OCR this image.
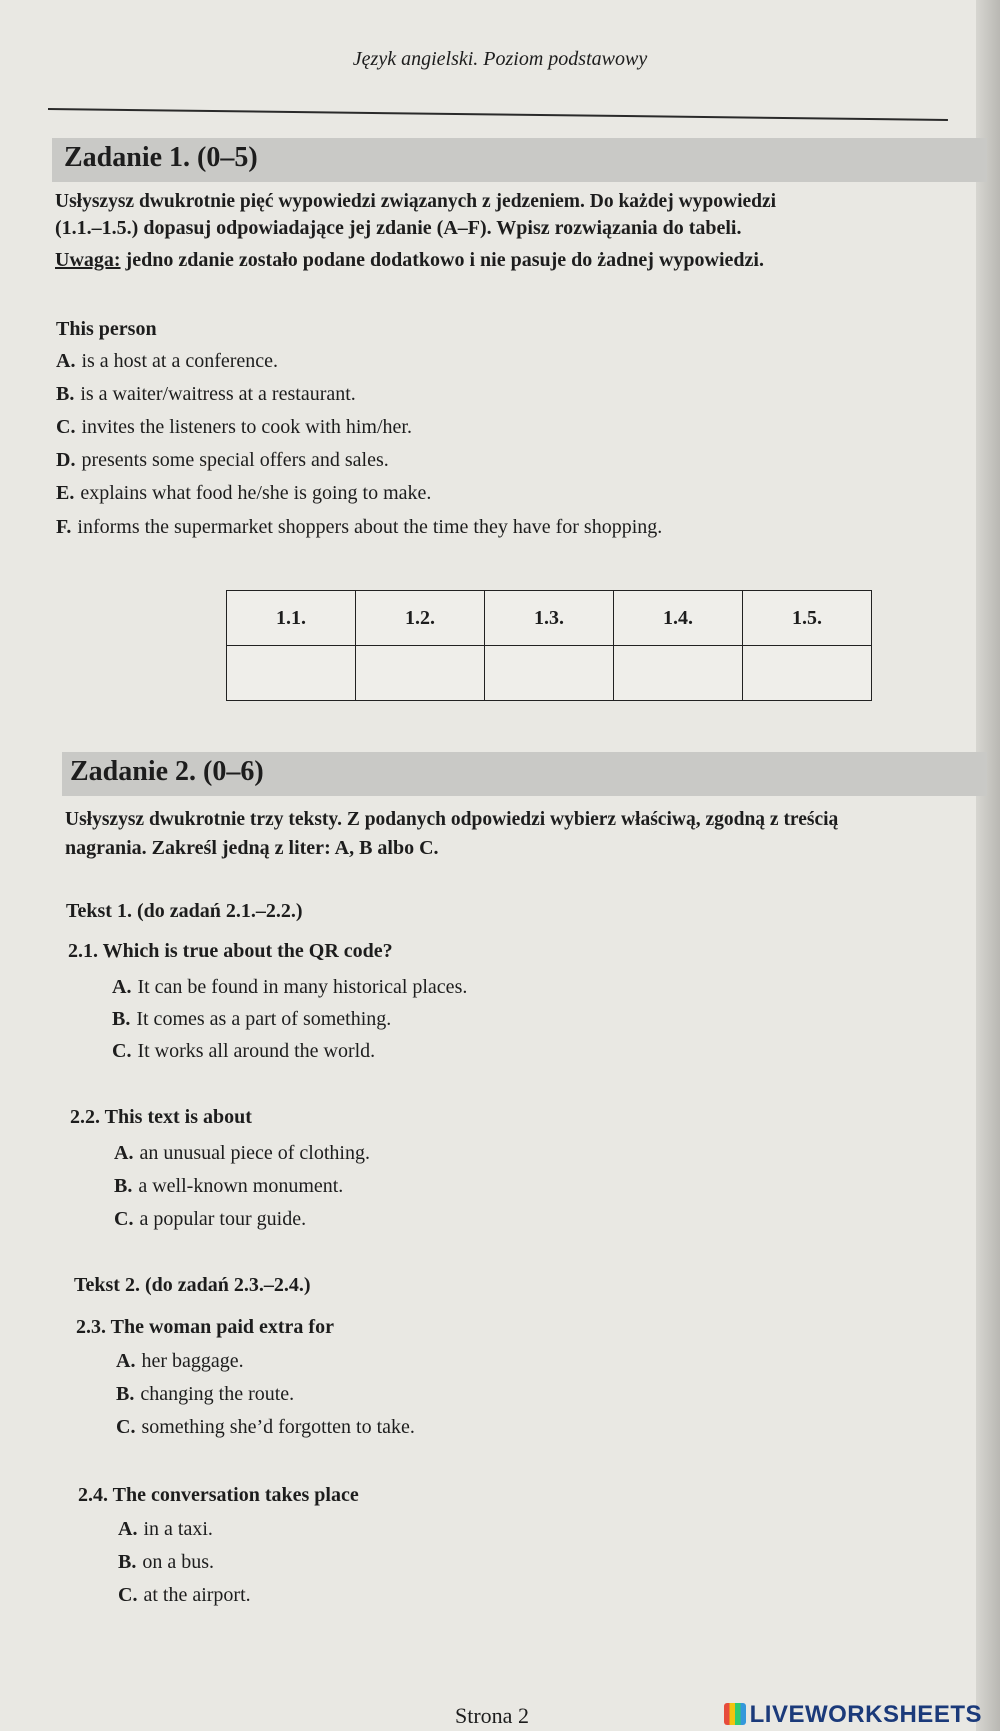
Język angielski. Poziom podstawowy
Zadanie 1. (0–5)
Usłyszysz dwukrotnie pięć wypowiedzi związanych z jedzeniem. Do każdej wypowiedzi
(1.1.–1.5.) dopasuj odpowiadające jej zdanie (A–F). Wpisz rozwiązania do tabeli.
Uwaga: jedno zdanie zostało podane dodatkowo i nie pasuje do żadnej wypowiedzi.
This person
A. is a host at a conference.
B. is a waiter/waitress at a restaurant.
C. invites the listeners to cook with him/her.
D. presents some special offers and sales.
E. explains what food he/she is going to make.
F. informs the supermarket shoppers about the time they have for shopping.
1.1.	1.2.	1.3.	1.4.	1.5.

Zadanie 2. (0–6)
Usłyszysz dwukrotnie trzy teksty. Z podanych odpowiedzi wybierz właściwą, zgodną z treścią
nagrania. Zakreśl jedną z liter: A, B albo C.
Tekst 1. (do zadań 2.1.–2.2.)
2.1. Which is true about the QR code?
A. It can be found in many historical places.
B. It comes as a part of something.
C. It works all around the world.
2.2. This text is about
A. an unusual piece of clothing.
B. a well-known monument.
C. a popular tour guide.
Tekst 2. (do zadań 2.3.–2.4.)
2.3. The woman paid extra for
A. her baggage.
B. changing the route.
C. something she’d forgotten to take.
2.4. The conversation takes place
A. in a taxi.
B. on a bus.
C. at the airport.
Strona 2	LIVEWORKSHEETS
